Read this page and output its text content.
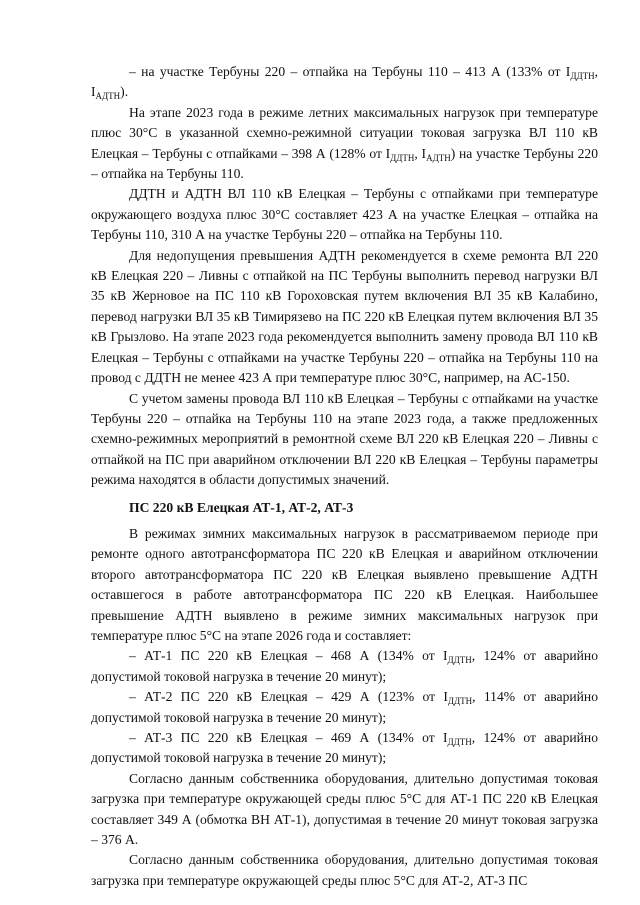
– на участке Тербуны 220 – отпайка на Тербуны 110 – 413 А (133% от $I_{ДДТН}$, $I_{АДТН}$).

На этапе 2023 года в режиме летних максимальных нагрузок при температуре плюс 30°С в указанной схемно-режимной ситуации токовая загрузка ВЛ 110 кВ Елецкая – Тербуны с отпайками – 398 А (128% от $I_{ДДТН}$, $I_{АДТН}$) на участке Тербуны 220 – отпайка на Тербуны 110.

ДДТН и АДТН ВЛ 110 кВ Елецкая – Тербуны с отпайками при температуре окружающего воздуха плюс 30°С составляет 423 А на участке Елецкая – отпайка на Тербуны 110, 310 А на участке Тербуны 220 – отпайка на Тербуны 110.

Для недопущения превышения АДТН рекомендуется в схеме ремонта ВЛ 220 кВ Елецкая 220 – Ливны с отпайкой на ПС Тербуны выполнить перевод нагрузки ВЛ 35 кВ Жерновое на ПС 110 кВ Гороховская путем включения ВЛ 35 кВ Калабино, перевод нагрузки ВЛ 35 кВ Тимирязево на ПС 220 кВ Елецкая путем включения ВЛ 35 кВ Грызлово. На этапе 2023 года рекомендуется выполнить замену провода ВЛ 110 кВ Елецкая – Тербуны с отпайками на участке Тербуны 220 – отпайка на Тербуны 110 на провод с ДДТН не менее 423 А при температуре плюс 30°С, например, на АС-150.

С учетом замены провода ВЛ 110 кВ Елецкая – Тербуны с отпайками на участке Тербуны 220 – отпайка на Тербуны 110 на этапе 2023 года, а также предложенных схемно-режимных мероприятий в ремонтной схеме ВЛ 220 кВ Елецкая 220 – Ливны с отпайкой на ПС при аварийном отключении ВЛ 220 кВ Елецкая – Тербуны параметры режима находятся в области допустимых значений.

ПС 220 кВ Елецкая АТ-1, АТ-2, АТ-3

В режимах зимних максимальных нагрузок в рассматриваемом периоде при ремонте одного автотрансформатора ПС 220 кВ Елецкая и аварийном отключении второго автотрансформатора ПС 220 кВ Елецкая выявлено превышение АДТН оставшегося в работе автотрансформатора ПС 220 кВ Елецкая. Наибольшее превышение АДТН выявлено в режиме зимних максимальных нагрузок при температуре плюс 5°С на этапе 2026 года и составляет:

– АТ-1 ПС 220 кВ Елецкая – 468 А (134% от $I_{ДДТН}$, 124% от аварийно допустимой токовой нагрузка в течение 20 минут);

– АТ-2 ПС 220 кВ Елецкая – 429 А (123% от $I_{ДДТН}$, 114% от аварийно допустимой токовой нагрузка в течение 20 минут);

– АТ-3 ПС 220 кВ Елецкая – 469 А (134% от $I_{ДДТН}$, 124% от аварийно допустимой токовой нагрузка в течение 20 минут);

Согласно данным собственника оборудования, длительно допустимая токовая загрузка при температуре окружающей среды плюс 5°С для АТ-1 ПС 220 кВ Елецкая составляет 349 А (обмотка ВН АТ-1), допустимая в течение 20 минут токовая загрузка – 376 А.

Согласно данным собственника оборудования, длительно допустимая токовая загрузка при температуре окружающей среды плюс 5°С для АТ-2, АТ-3 ПС
